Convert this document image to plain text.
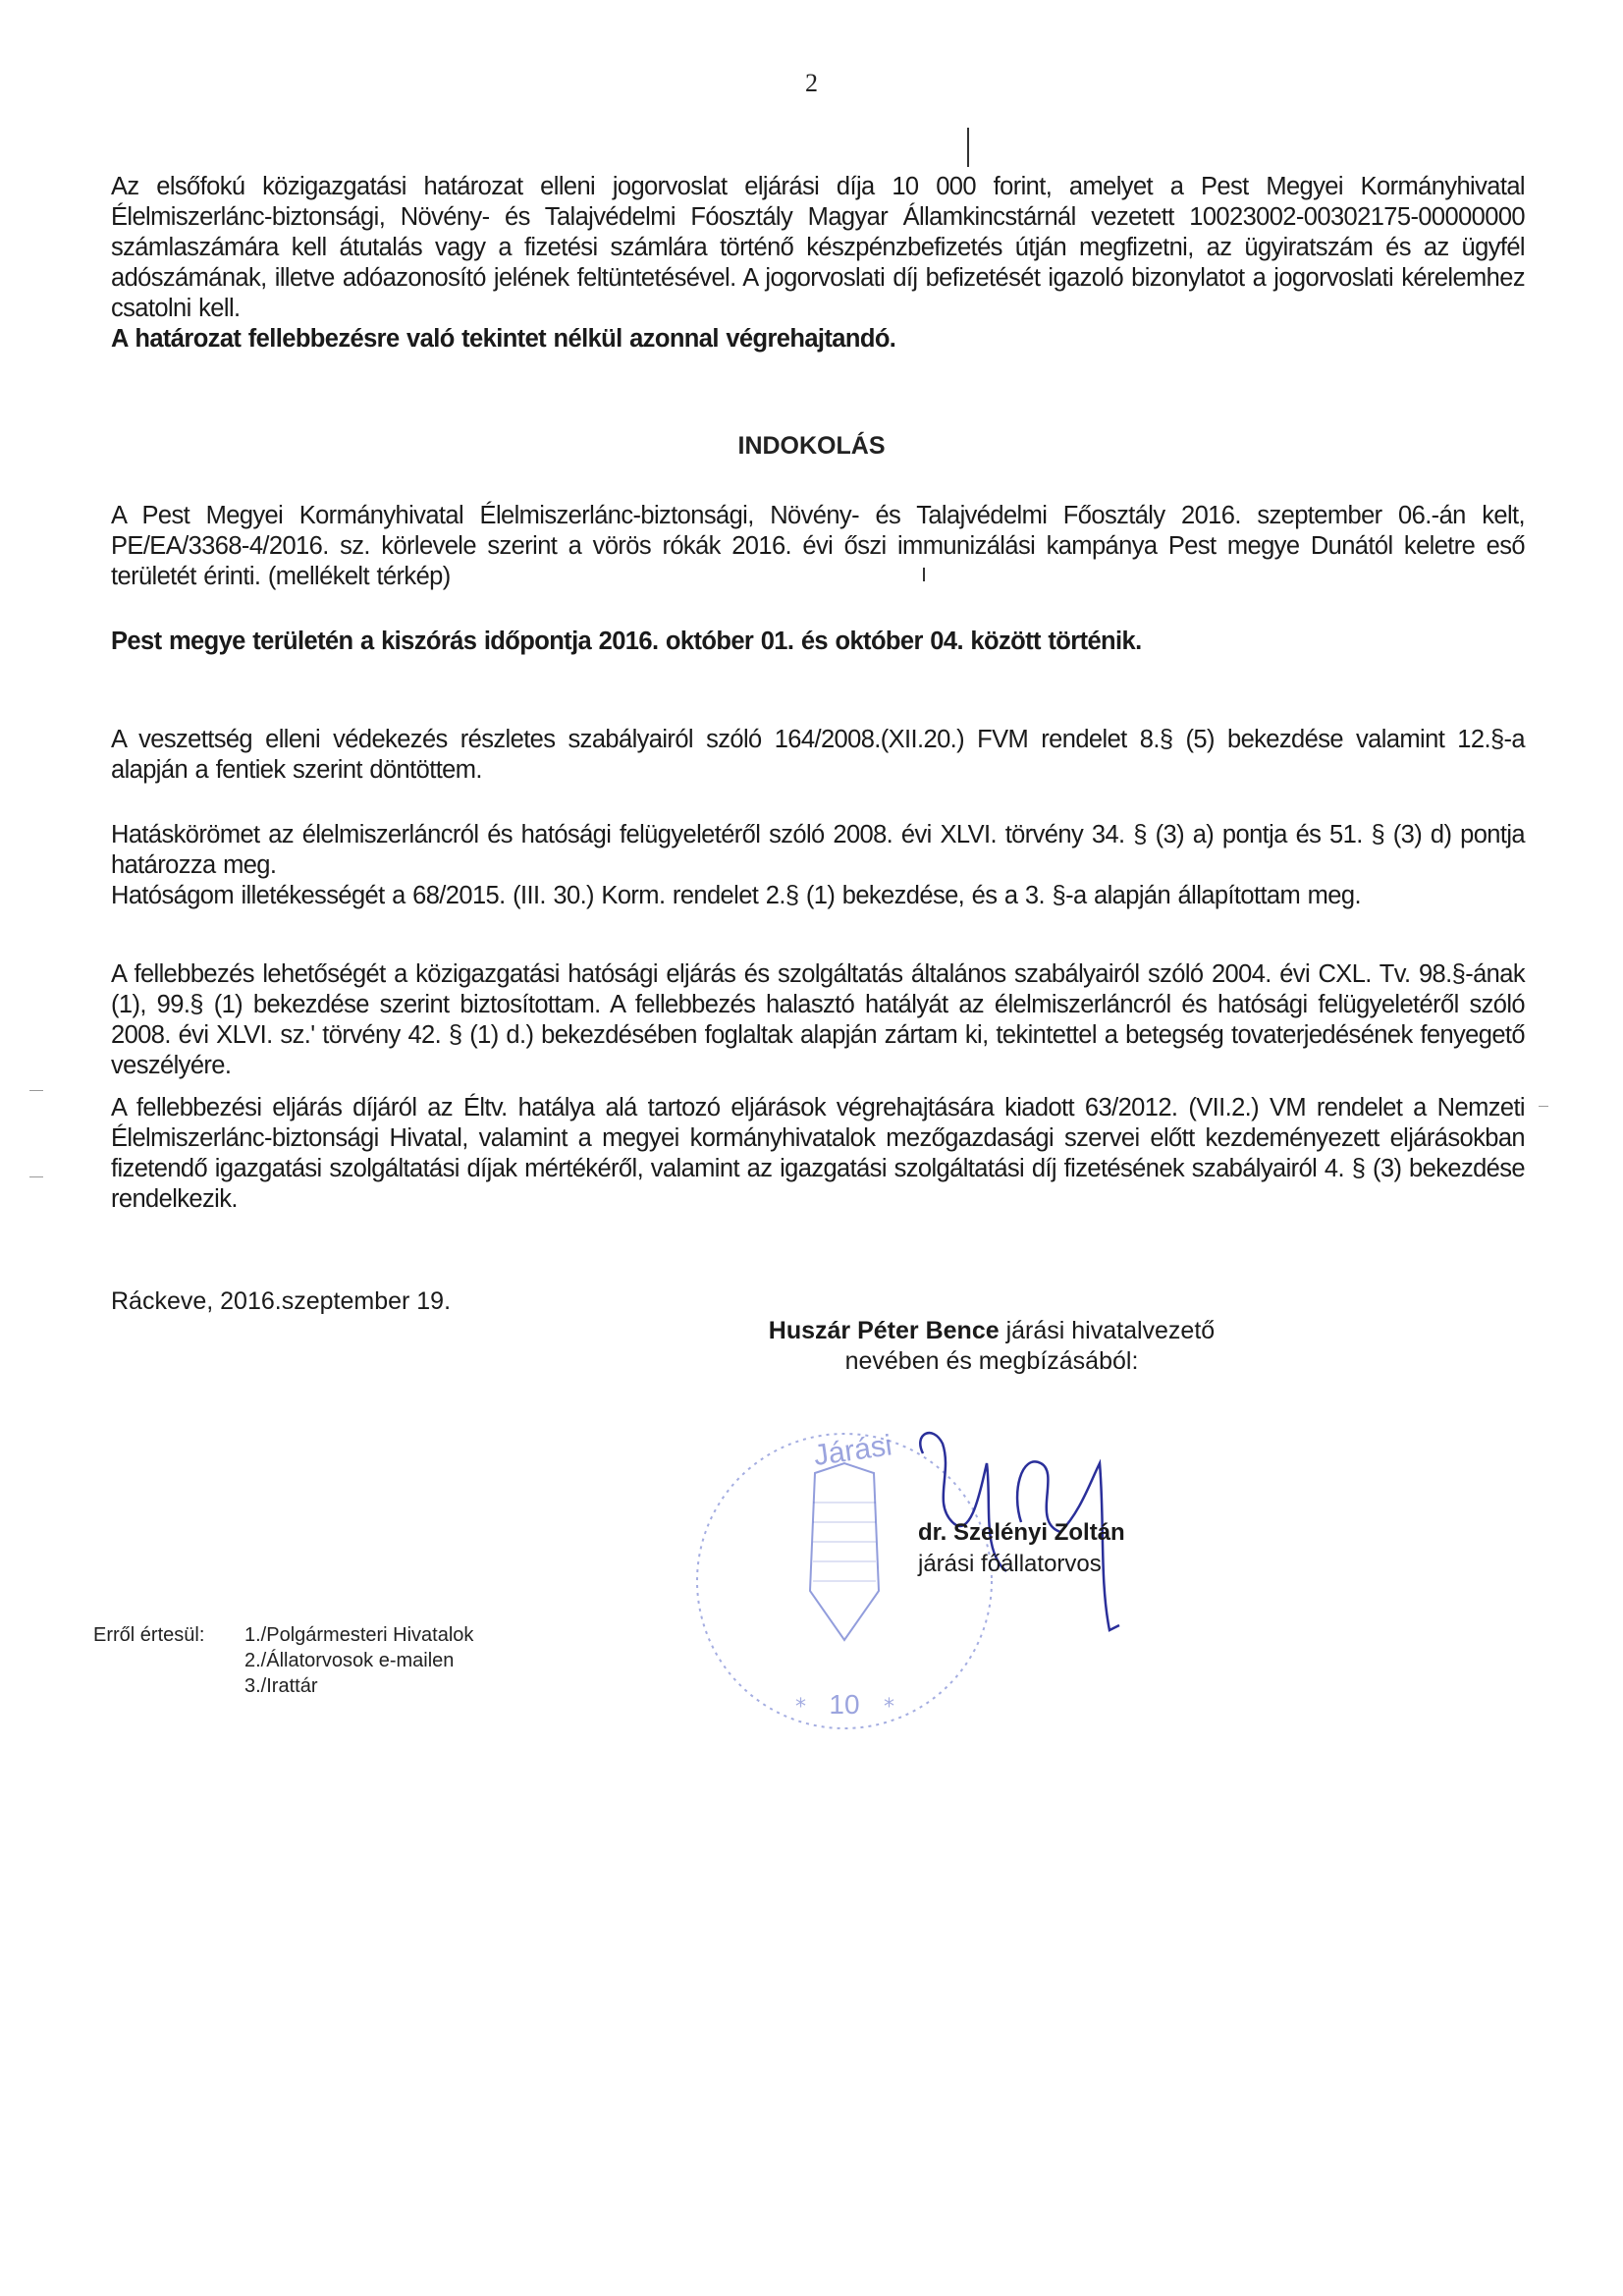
2

Az elsőfokú közigazgatási határozat elleni jogorvoslat eljárási díja 10 000 forint, amelyet a Pest Megyei Kormányhivatal Élelmiszerlánc-biztonsági, Növény- és Talajvédelmi Fóosztály Magyar Államkincstárnál vezetett 10023002-00302175-00000000 számlaszámára kell átutalás vagy a fizetési számlára történő készpénzbefizetés útján megfizetni, az ügyiratszám és az ügyfél adószámának, illetve adóazonosító jelének feltüntetésével. A jogorvoslati díj befizetését igazoló bizonylatot a jogorvoslati kérelemhez csatolni kell.

A határozat fellebbezésre való tekintet nélkül azonnal végrehajtandó.

INDOKOLÁS
A Pest Megyei Kormányhivatal Élelmiszerlánc-biztonsági, Növény- és Talajvédelmi Főosztály 2016. szeptember 06.-án kelt, PE/EA/3368-4/2016. sz. körlevele szerint a vörös rókák 2016. évi őszi immunizálási kampánya Pest megye Dunától keletre eső területét érinti. (mellékelt térkép)
Pest megye területén a kiszórás időpontja 2016. október 01. és október 04. között történik.
A veszettség elleni védekezés részletes szabályairól szóló 164/2008.(XII.20.) FVM rendelet 8.§ (5) bekezdése valamint 12.§-a alapján a fentiek szerint döntöttem.
Hatáskörömet az élelmiszerláncról és hatósági felügyeletéről szóló 2008. évi XLVI. törvény 34. § (3) a) pontja és 51. § (3) d) pontja határozza meg.
Hatóságom illetékességét a 68/2015. (III. 30.) Korm. rendelet 2.§ (1) bekezdése, és a 3. §-a alapján állapítottam meg.
A fellebbezés lehetőségét a közigazgatási hatósági eljárás és szolgáltatás általános szabályairól szóló 2004. évi CXL. Tv. 98.§-ának (1), 99.§ (1) bekezdése szerint biztosítottam. A fellebbezés halasztó hatályát az élelmiszerláncról és hatósági felügyeletéről szóló 2008. évi XLVI. sz.' törvény 42. § (1) d.) bekezdésében foglaltak alapján zártam ki, tekintettel a betegség tovaterjedésének fenyegető veszélyére.
A fellebbezési eljárás díjáról az Éltv. hatálya alá tartozó eljárások végrehajtására kiadott 63/2012. (VII.2.) VM rendelet a Nemzeti Élelmiszerlánc-biztonsági Hivatal, valamint a megyei kormányhivatalok mezőgazdasági szervei előtt kezdeményezett eljárásokban fizetendő igazgatási szolgáltatási díjak mértékéről, valamint az igazgatási szolgáltatási díj fizetésének szabályairól 4. § (3) bekezdése rendelkezik.
Ráckeve, 2016.szeptember 19.
Huszár Péter Bence járási hivatalvezető
nevében és megbízásából:
Járási
10
*	*
dr. Szelényi Zoltán
járási főállatorvos
Erről értesül:	1./Polgármesteri Hivatalok
2./Állatorvosok e-mailen
3./Irattár
